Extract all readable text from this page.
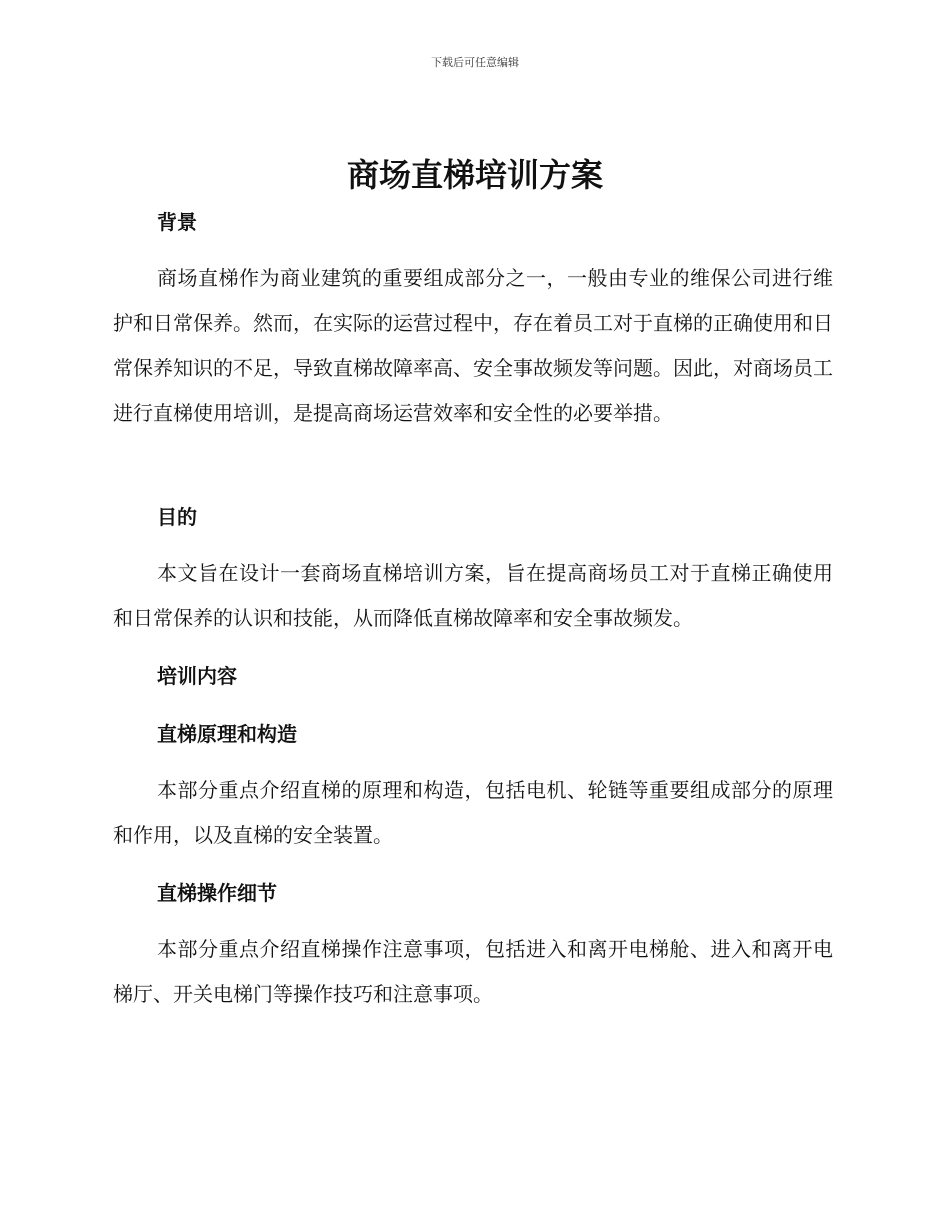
下载后可任意编辑
商场直梯培训方案
背景

商场直梯作为商业建筑的重要组成部分之一，一般由专业的维保公司进行维护和日常保养。然而，在实际的运营过程中，存在着员工对于直梯的正确使用和日常保养知识的不足，导致直梯故障率高、安全事故频发等问题。因此，对商场员工进行直梯使用培训，是提高商场运营效率和安全性的必要举措。

目的

本文旨在设计一套商场直梯培训方案，旨在提高商场员工对于直梯正确使用和日常保养的认识和技能，从而降低直梯故障率和安全事故频发。

培训内容
直梯原理和构造

本部分重点介绍直梯的原理和构造，包括电机、轮链等重要组成部分的原理和作用，以及直梯的安全装置。

直梯操作细节

本部分重点介绍直梯操作注意事项，包括进入和离开电梯舱、进入和离开电梯厅、开关电梯门等操作技巧和注意事项。
